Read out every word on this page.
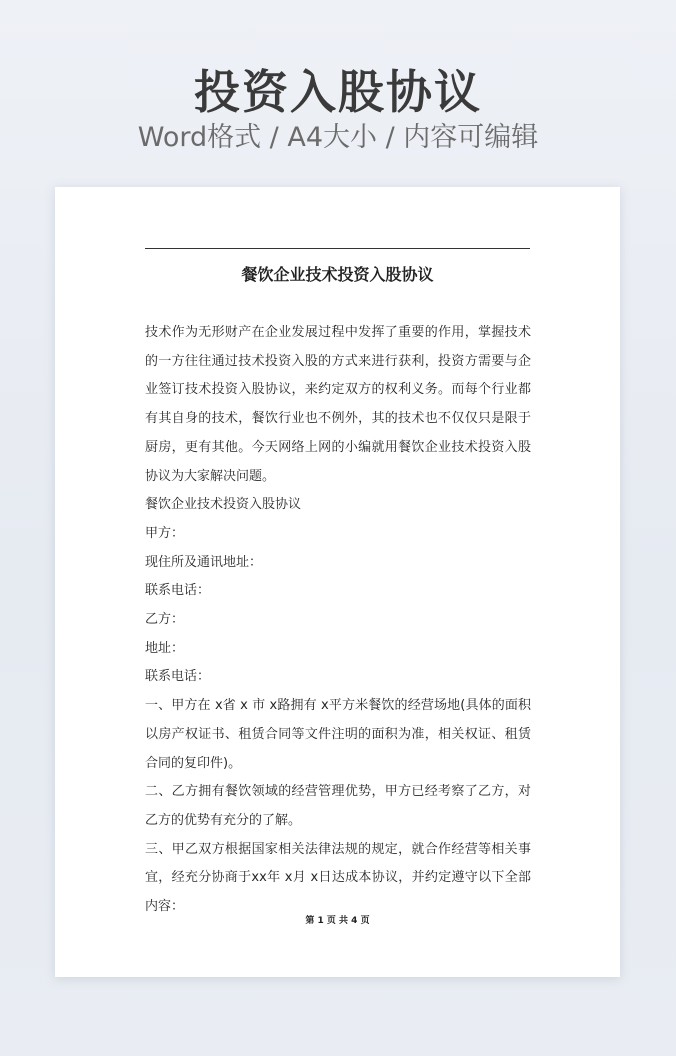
投资入股协议
Word格式 / A4大小 / 内容可编辑
餐饮企业技术投资入股协议

技术作为无形财产在企业发展过程中发挥了重要的作用，掌握技术的一方往往通过技术投资入股的方式来进行获利，投资方需要与企业签订技术投资入股协议，来约定双方的权利义务。而每个行业都有其自身的技术，餐饮行业也不例外，其的技术也不仅仅只是限于厨房，更有其他。今天网络上网的小编就用餐饮企业技术投资入股协议为大家解决问题。

餐饮企业技术投资入股协议

甲方：

现住所及通讯地址：

联系电话：

乙方：

地址：

联系电话：

一、甲方在 x省 x 市 x路拥有 x平方米餐饮的经营场地(具体的面积以房产权证书、租赁合同等文件注明的面积为准，相关权证、租赁合同的复印件)。

二、乙方拥有餐饮领域的经营管理优势，甲方已经考察了乙方，对乙方的优势有充分的了解。

三、甲乙双方根据国家相关法律法规的规定，就合作经营等相关事宜，经充分协商于xx年 x月 x日达成本协议，并约定遵守以下全部内容：

第 1 页 共 4 页
